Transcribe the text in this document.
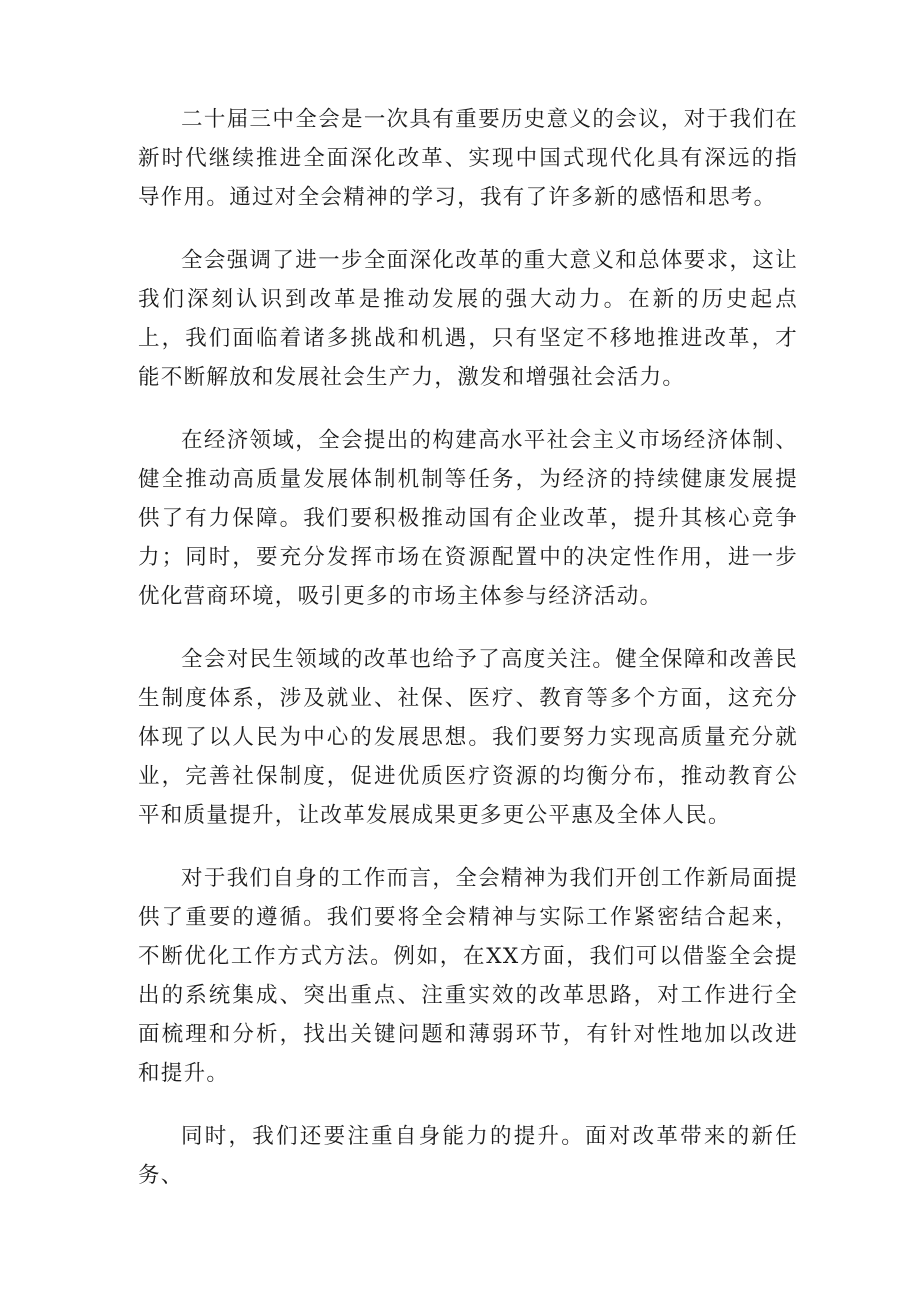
二十届三中全会是一次具有重要历史意义的会议，对于我们在新时代继续推进全面深化改革、实现中国式现代化具有深远的指导作用。通过对全会精神的学习，我有了许多新的感悟和思考。

全会强调了进一步全面深化改革的重大意义和总体要求，这让我们深刻认识到改革是推动发展的强大动力。在新的历史起点上，我们面临着诸多挑战和机遇，只有坚定不移地推进改革，才能不断解放和发展社会生产力，激发和增强社会活力。

在经济领域，全会提出的构建高水平社会主义市场经济体制、健全推动高质量发展体制机制等任务，为经济的持续健康发展提供了有力保障。我们要积极推动国有企业改革，提升其核心竞争力；同时，要充分发挥市场在资源配置中的决定性作用，进一步优化营商环境，吸引更多的市场主体参与经济活动。

全会对民生领域的改革也给予了高度关注。健全保障和改善民生制度体系，涉及就业、社保、医疗、教育等多个方面，这充分体现了以人民为中心的发展思想。我们要努力实现高质量充分就业，完善社保制度，促进优质医疗资源的均衡分布，推动教育公平和质量提升，让改革发展成果更多更公平惠及全体人民。

对于我们自身的工作而言，全会精神为我们开创工作新局面提供了重要的遵循。我们要将全会精神与实际工作紧密结合起来，不断优化工作方式方法。例如，在XX方面，我们可以借鉴全会提出的系统集成、突出重点、注重实效的改革思路，对工作进行全面梳理和分析，找出关键问题和薄弱环节，有针对性地加以改进和提升。

同时，我们还要注重自身能力的提升。面对改革带来的新任务、
